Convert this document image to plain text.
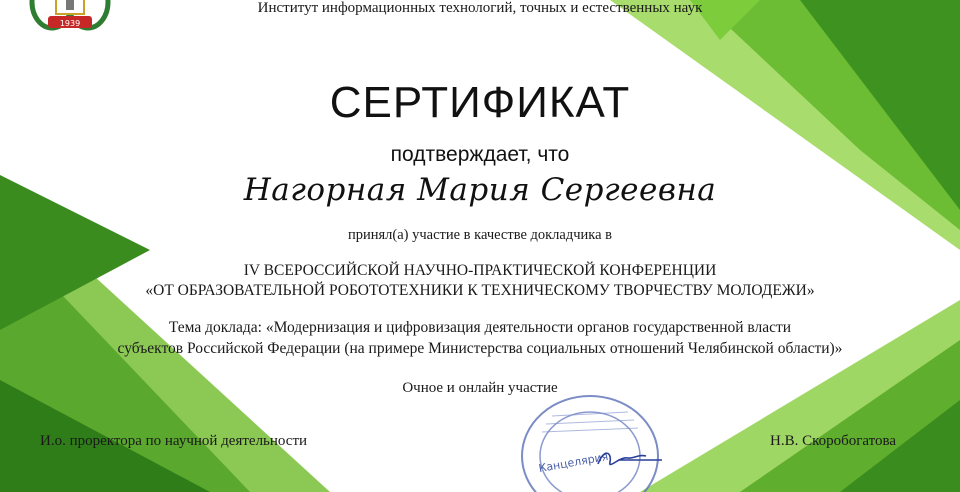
1939
Институт информационных технологий, точных и естественных наук
СЕРТИФИКАТ
подтверждает, что
Нагорная Мария Сергеевна
принял(а) участие в качестве докладчика в
IV ВСЕРОССИЙСКОЙ НАУЧНО-ПРАКТИЧЕСКОЙ КОНФЕРЕНЦИИ
«ОТ ОБРАЗОВАТЕЛЬНОЙ РОБОТОТЕХНИКИ К ТЕХНИЧЕСКОМУ ТВОРЧЕСТВУ МОЛОДЕЖИ»
Тема доклада: «Модернизация и цифровизация деятельности органов государственной власти
субъектов Российской Федерации (на примере Министерства социальных отношений Челябинской области)»
Очное и онлайн участие
И.о. проректора по научной деятельности	Н.В. Скоробогатова
Канцелярия
